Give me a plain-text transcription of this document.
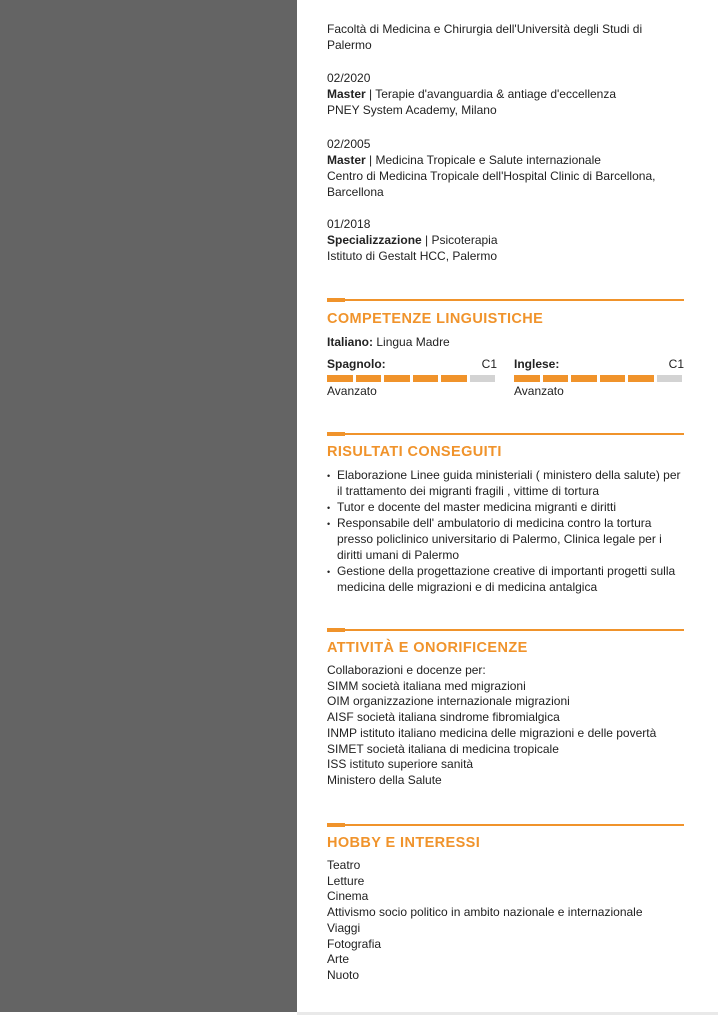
Facoltà di Medicina e Chirurgia dell'Università degli Studi di Palermo
02/2020
Master | Terapie d'avanguardia & antiage d'eccellenza
PNEY System Academy, Milano
02/2005
Master | Medicina Tropicale e Salute internazionale
Centro di Medicina Tropicale dell'Hospital Clinic di Barcellona, Barcellona
01/2018
Specializzazione | Psicoterapia
Istituto di Gestalt HCC, Palermo
COMPETENZE LINGUISTICHE
Italiano: Lingua Madre
Spagnolo:	C1
Avanzato
Inglese:	C1
Avanzato
RISULTATI CONSEGUITI
• Elaborazione Linee guida ministeriali ( ministero della salute) per il trattamento dei migranti fragili , vittime di tortura
• Tutor e docente del master medicina migranti e diritti
• Responsabile dell' ambulatorio di medicina contro la tortura presso policlinico universitario di Palermo, Clinica legale per i diritti umani di Palermo
• Gestione della progettazione creative di importanti progetti sulla medicina delle migrazioni e di medicina antalgica
ATTIVITÀ E ONORIFICENZE
Collaborazioni e docenze per:
SIMM società italiana med migrazioni
OIM organizzazione internazionale migrazioni
AISF società italiana sindrome fibromialgica
INMP istituto italiano medicina delle migrazioni e delle povertà
SIMET società italiana di medicina tropicale
ISS istituto superiore sanità
Ministero della Salute
HOBBY E INTERESSI
Teatro
Letture
Cinema
Attivismo socio politico in ambito nazionale e internazionale
Viaggi
Fotografia
Arte
Nuoto
